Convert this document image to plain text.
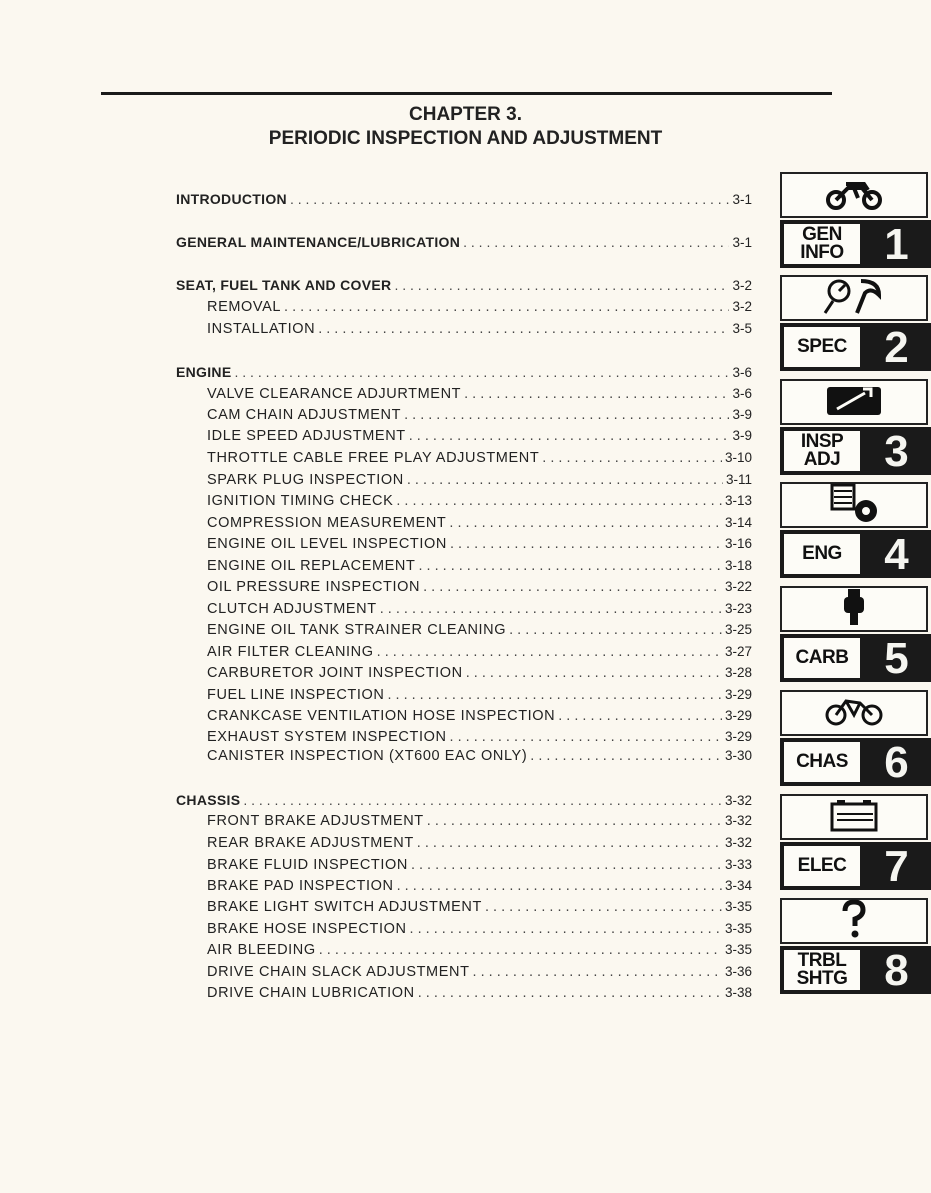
CHAPTER 3.
PERIODIC INSPECTION AND ADJUSTMENT
INTRODUCTION . . .	3-1
GENERAL MAINTENANCE/LUBRICATION . . .	3-1
SEAT, FUEL TANK AND COVER . . .	3-2
REMOVAL . . .	3-2
INSTALLATION . . .	3-5
ENGINE . . .	3-6
VALVE CLEARANCE ADJURTMENT . . .	3-6
CAM CHAIN ADJUSTMENT . . .	3-9
IDLE SPEED ADJUSTMENT . . .	3-9
THROTTLE CABLE FREE PLAY ADJUSTMENT . . .	3-10
SPARK PLUG INSPECTION . . .	3-11
IGNITION TIMING CHECK . . .	3-13
COMPRESSION MEASUREMENT . . .	3-14
ENGINE OIL LEVEL INSPECTION . . .	3-16
ENGINE OIL REPLACEMENT . . .	3-18
OIL PRESSURE INSPECTION . . .	3-22
CLUTCH ADJUSTMENT . . .	3-23
ENGINE OIL TANK STRAINER CLEANING . . .	3-25
AIR FILTER CLEANING . . .	3-27
CARBURETOR JOINT INSPECTION . . .	3-28
FUEL LINE INSPECTION . . .	3-29
CRANKCASE VENTILATION HOSE INSPECTION . . .	3-29
EXHAUST SYSTEM INSPECTION . . .	3-29
CANISTER INSPECTION (XT600 EAC ONLY) . . .	3-30
CHASSIS . . .	3-32
FRONT BRAKE ADJUSTMENT . . .	3-32
REAR BRAKE ADJUSTMENT . . .	3-32
BRAKE FLUID INSPECTION . . .	3-33
BRAKE PAD INSPECTION . . .	3-34
BRAKE LIGHT SWITCH ADJUSTMENT . . .	3-35
BRAKE HOSE INSPECTION . . .	3-35
AIR BLEEDING . . .	3-35
DRIVE CHAIN SLACK ADJUSTMENT . . .	3-36
DRIVE CHAIN LUBRICATION . . .	3-38
GEN
INFO 1
SPEC 2
INSP
ADJ	3
ENG 4
CARB 5
CHAS 6
ELEC 7
TRBL
SHTG 8
